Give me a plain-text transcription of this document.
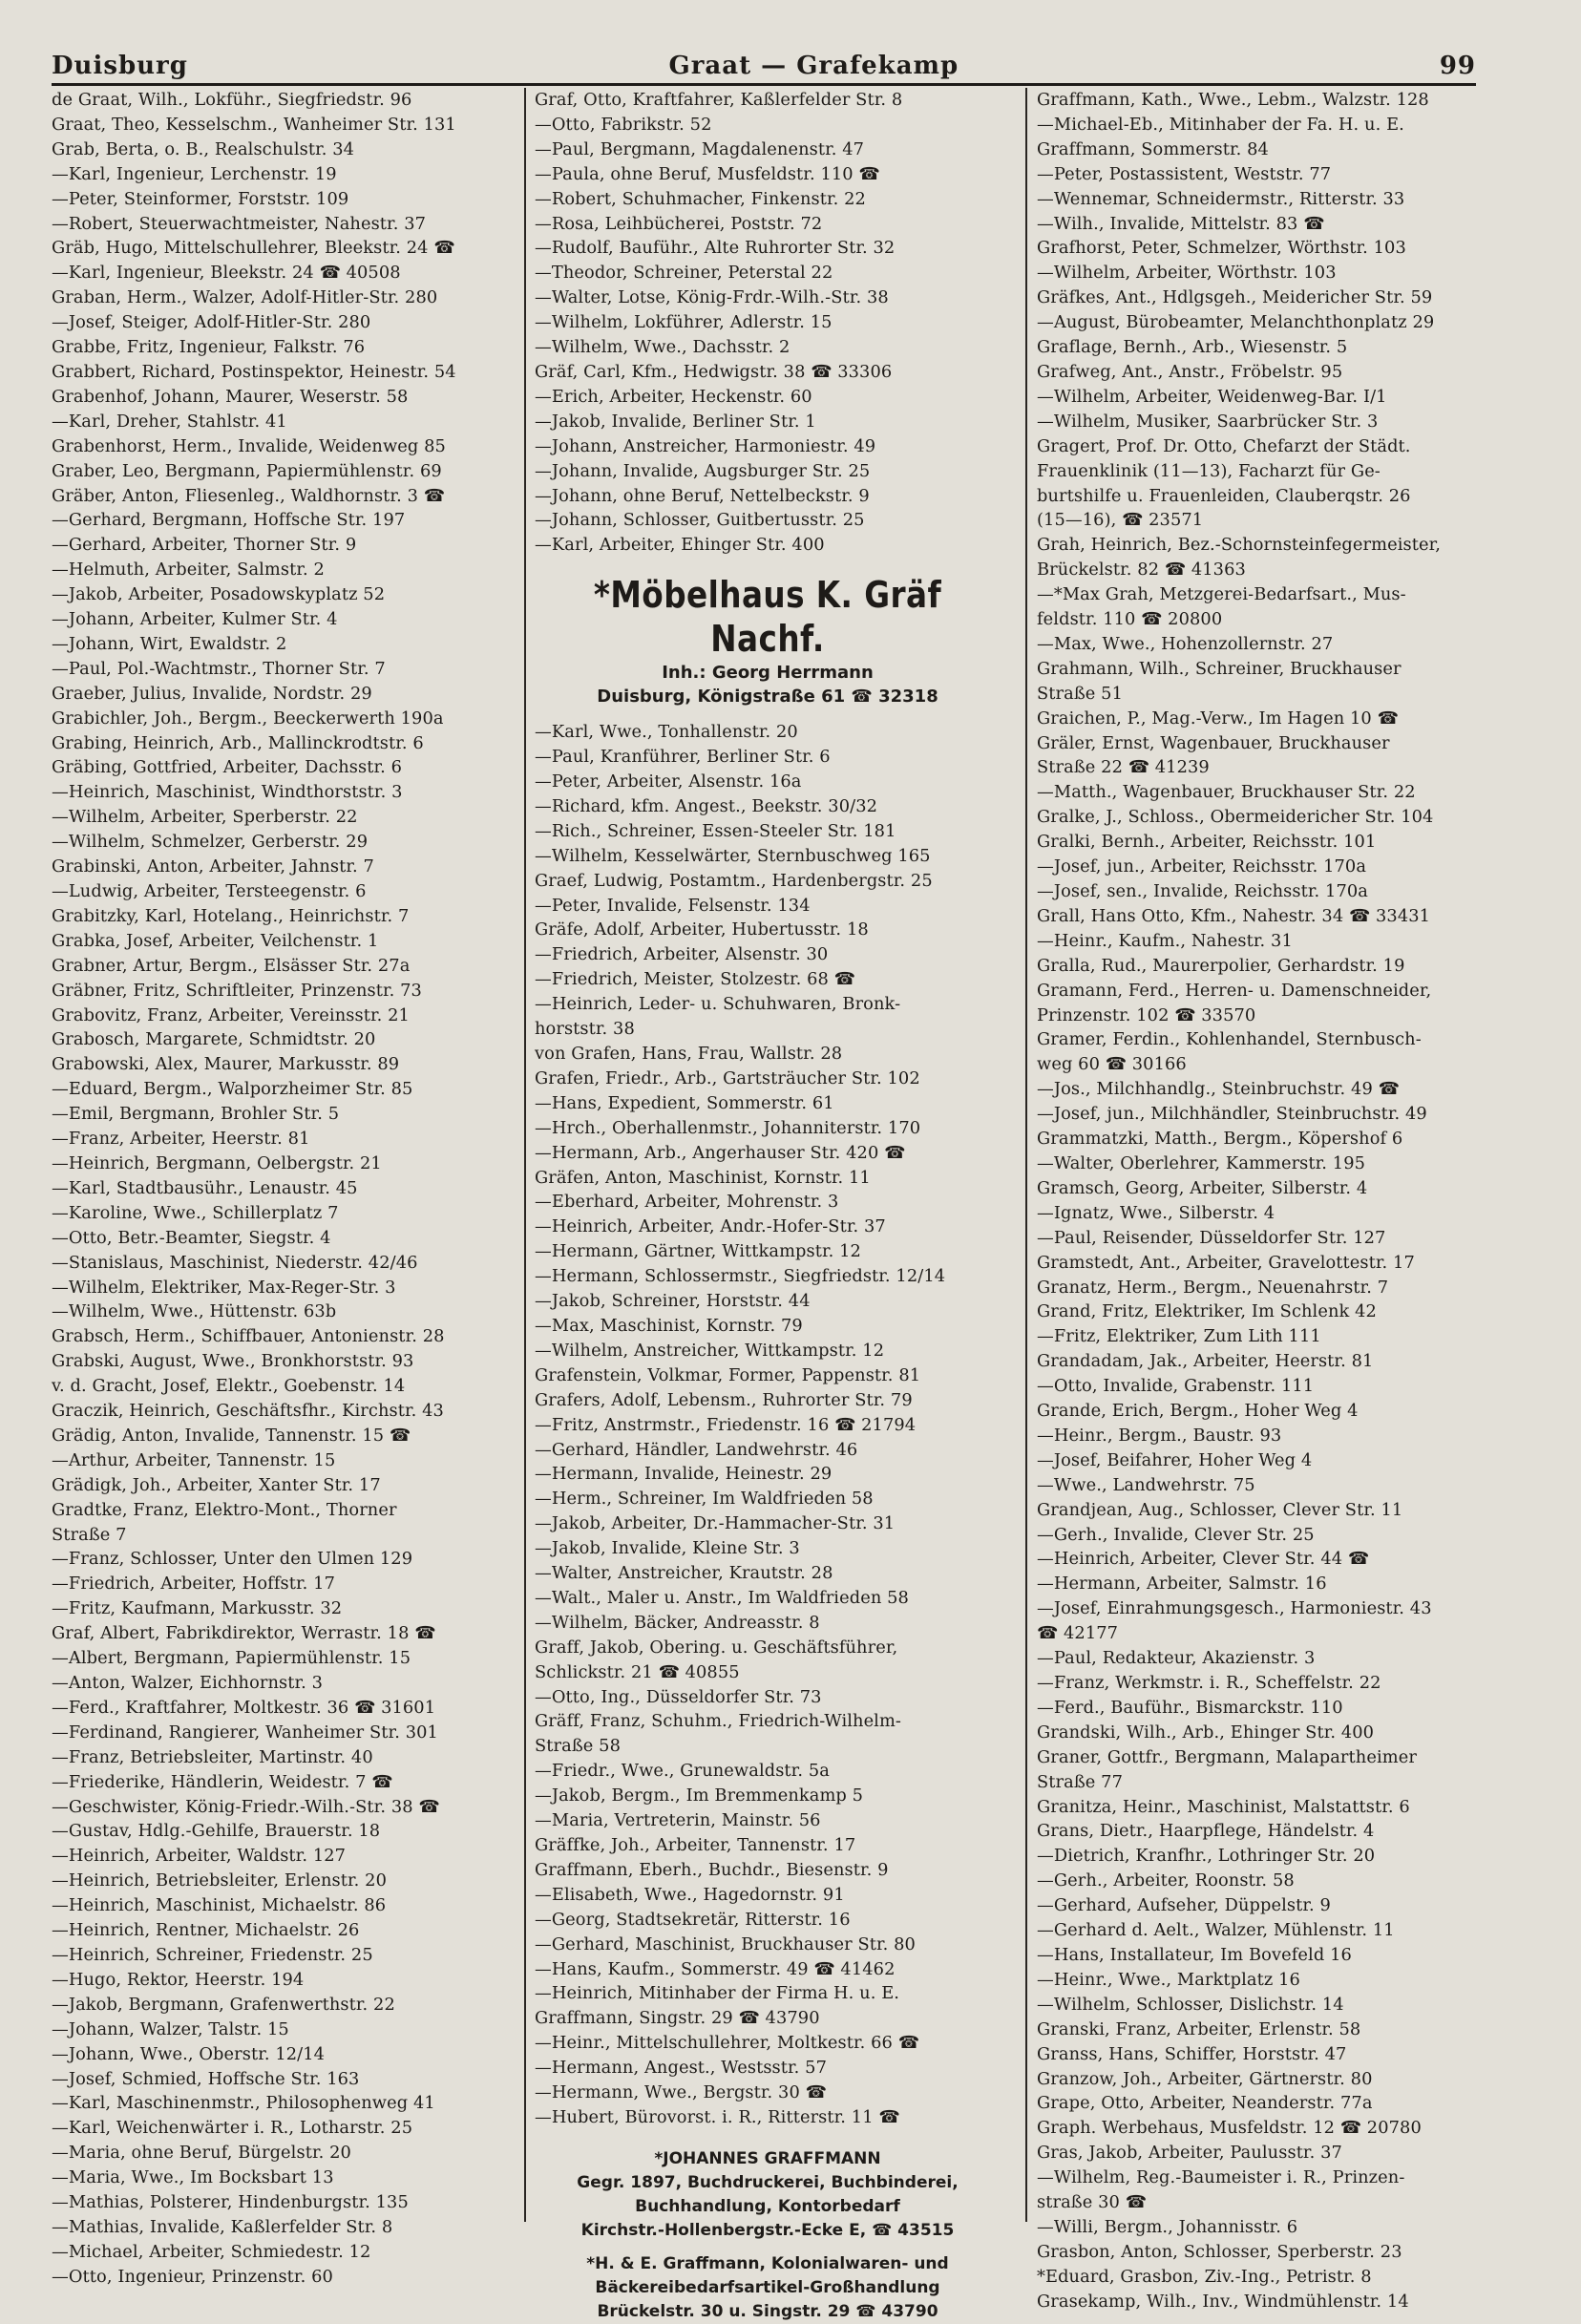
Duisburg	Graat — Grafekamp	99
de Graat, Wilh., Lokführ., Siegfriedstr. 96
Graat, Theo, Kesselschm., Wanheimer Str. 131
Grab, Berta, o. B., Realschulstr. 34
—Karl, Ingenieur, Lerchenstr. 19
—Peter, Steinformer, Forststr. 109
—Robert, Steuerwachtmeister, Nahestr. 37
Gräb, Hugo, Mittelschullehrer, Bleekstr. 24 ☎
—Karl, Ingenieur, Bleekstr. 24 ☎ 40508
Graban, Herm., Walzer, Adolf-Hitler-Str. 280
—Josef, Steiger, Adolf-Hitler-Str. 280
Grabbe, Fritz, Ingenieur, Falkstr. 76
Grabbert, Richard, Postinspektor, Heinestr. 54
Grabenhof, Johann, Maurer, Weserstr. 58
—Karl, Dreher, Stahlstr. 41
Grabenhorst, Herm., Invalide, Weidenweg 85
Graber, Leo, Bergmann, Papiermühlenstr. 69
Gräber, Anton, Fliesenleg., Waldhornstr. 3 ☎
—Gerhard, Bergmann, Hoffsche Str. 197
—Gerhard, Arbeiter, Thorner Str. 9
—Helmuth, Arbeiter, Salmstr. 2
—Jakob, Arbeiter, Posadowskyplatz 52
—Johann, Arbeiter, Kulmer Str. 4
—Johann, Wirt, Ewaldstr. 2
—Paul, Pol.-Wachtmstr., Thorner Str. 7
Graeber, Julius, Invalide, Nordstr. 29
Grabichler, Joh., Bergm., Beeckerwerth 190a
Grabing, Heinrich, Arb., Mallinckrodtstr. 6
Gräbing, Gottfried, Arbeiter, Dachsstr. 6
—Heinrich, Maschinist, Windthorststr. 3
—Wilhelm, Arbeiter, Sperberstr. 22
—Wilhelm, Schmelzer, Gerberstr. 29
Grabinski, Anton, Arbeiter, Jahnstr. 7
—Ludwig, Arbeiter, Tersteegenstr. 6
Grabitzky, Karl, Hotelang., Heinrichstr. 7
Grabka, Josef, Arbeiter, Veilchenstr. 1
Grabner, Artur, Bergm., Elsässer Str. 27a
Gräbner, Fritz, Schriftleiter, Prinzenstr. 73
Grabovitz, Franz, Arbeiter, Vereinsstr. 21
Grabosch, Margarete, Schmidtstr. 20
Grabowski, Alex, Maurer, Markusstr. 89
—Eduard, Bergm., Walporzheimer Str. 85
—Emil, Bergmann, Brohler Str. 5
—Franz, Arbeiter, Heerstr. 81
—Heinrich, Bergmann, Oelbergstr. 21
—Karl, Stadtbausühr., Lenaustr. 45
—Karoline, Wwe., Schillerplatz 7
—Otto, Betr.-Beamter, Siegstr. 4
—Stanislaus, Maschinist, Niederstr. 42/46
—Wilhelm, Elektriker, Max-Reger-Str. 3
—Wilhelm, Wwe., Hüttenstr. 63b
Grabsch, Herm., Schiffbauer, Antonienstr. 28
Grabski, August, Wwe., Bronkhorststr. 93
v. d. Gracht, Josef, Elektr., Goebenstr. 14
Graczik, Heinrich, Geschäftsfhr., Kirchstr. 43
Grädig, Anton, Invalide, Tannenstr. 15 ☎
—Arthur, Arbeiter, Tannenstr. 15
Grädigk, Joh., Arbeiter, Xanter Str. 17
Gradtke, Franz, Elektro-Mont., Thorner
Straße 7
—Franz, Schlosser, Unter den Ulmen 129
—Friedrich, Arbeiter, Hoffstr. 17
—Fritz, Kaufmann, Markusstr. 32
Graf, Albert, Fabrikdirektor, Werrastr. 18 ☎
—Albert, Bergmann, Papiermühlenstr. 15
—Anton, Walzer, Eichhornstr. 3
—Ferd., Kraftfahrer, Moltkestr. 36 ☎ 31601
—Ferdinand, Rangierer, Wanheimer Str. 301
—Franz, Betriebsleiter, Martinstr. 40
—Friederike, Händlerin, Weidestr. 7 ☎
—Geschwister, König-Friedr.-Wilh.-Str. 38 ☎
—Gustav, Hdlg.-Gehilfe, Brauerstr. 18
—Heinrich, Arbeiter, Waldstr. 127
—Heinrich, Betriebsleiter, Erlenstr. 20
—Heinrich, Maschinist, Michaelstr. 86
—Heinrich, Rentner, Michaelstr. 26
—Heinrich, Schreiner, Friedenstr. 25
—Hugo, Rektor, Heerstr. 194
—Jakob, Bergmann, Grafenwerthstr. 22
—Johann, Walzer, Talstr. 15
—Johann, Wwe., Oberstr. 12/14
—Josef, Schmied, Hoffsche Str. 163
—Karl, Maschinenmstr., Philosophenweg 41
—Karl, Weichenwärter i. R., Lotharstr. 25
—Maria, ohne Beruf, Bürgelstr. 20
—Maria, Wwe., Im Bocksbart 13
—Mathias, Polsterer, Hindenburgstr. 135
—Mathias, Invalide, Kaßlerfelder Str. 8
—Michael, Arbeiter, Schmiedestr. 12
—Otto, Ingenieur, Prinzenstr. 60
Graf, Otto, Kraftfahrer, Kaßlerfelder Str. 8
—Otto, Fabrikstr. 52
—Paul, Bergmann, Magdalenenstr. 47
—Paula, ohne Beruf, Musfeldstr. 110 ☎
—Robert, Schuhmacher, Finkenstr. 22
—Rosa, Leihbücherei, Poststr. 72
—Rudolf, Bauführ., Alte Ruhrorter Str. 32
—Theodor, Schreiner, Peterstal 22
—Walter, Lotse, König-Frdr.-Wilh.-Str. 38
—Wilhelm, Lokführer, Adlerstr. 15
—Wilhelm, Wwe., Dachsstr. 2
Gräf, Carl, Kfm., Hedwigstr. 38 ☎ 33306
—Erich, Arbeiter, Heckenstr. 60
—Jakob, Invalide, Berliner Str. 1
—Johann, Anstreicher, Harmoniestr. 49
—Johann, Invalide, Augsburger Str. 25
—Johann, ohne Beruf, Nettelbeckstr. 9
—Johann, Schlosser, Guitbertusstr. 25
—Karl, Arbeiter, Ehinger Str. 400
*Möbelhaus K. Gräf Nachf.
Inh.: Georg Herrmann
Duisburg, Königstraße 61 ☎ 32318
—Karl, Wwe., Tonhallenstr. 20
—Paul, Kranführer, Berliner Str. 6
—Peter, Arbeiter, Alsenstr. 16a
—Richard, kfm. Angest., Beekstr. 30/32
—Rich., Schreiner, Essen-Steeler Str. 181
—Wilhelm, Kesselwärter, Sternbuschweg 165
Graef, Ludwig, Postamtm., Hardenbergstr. 25
—Peter, Invalide, Felsenstr. 134
Gräfe, Adolf, Arbeiter, Hubertusstr. 18
—Friedrich, Arbeiter, Alsenstr. 30
—Friedrich, Meister, Stolzestr. 68 ☎
—Heinrich, Leder- u. Schuhwaren, Bronk-
horststr. 38
von Grafen, Hans, Frau, Wallstr. 28
Grafen, Friedr., Arb., Gartsträucher Str. 102
—Hans, Expedient, Sommerstr. 61
—Hrch., Oberhallenmstr., Johanniterstr. 170
—Hermann, Arb., Angerhauser Str. 420 ☎
Gräfen, Anton, Maschinist, Kornstr. 11
—Eberhard, Arbeiter, Mohrenstr. 3
—Heinrich, Arbeiter, Andr.-Hofer-Str. 37
—Hermann, Gärtner, Wittkampstr. 12
—Hermann, Schlossermstr., Siegfriedstr. 12/14
—Jakob, Schreiner, Horststr. 44
—Max, Maschinist, Kornstr. 79
—Wilhelm, Anstreicher, Wittkampstr. 12
Grafenstein, Volkmar, Former, Pappenstr. 81
Grafers, Adolf, Lebensm., Ruhrorter Str. 79
—Fritz, Anstrmstr., Friedenstr. 16 ☎ 21794
—Gerhard, Händler, Landwehrstr. 46
—Hermann, Invalide, Heinestr. 29
—Herm., Schreiner, Im Waldfrieden 58
—Jakob, Arbeiter, Dr.-Hammacher-Str. 31
—Jakob, Invalide, Kleine Str. 3
—Walter, Anstreicher, Krautstr. 28
—Walt., Maler u. Anstr., Im Waldfrieden 58
—Wilhelm, Bäcker, Andreasstr. 8
Graff, Jakob, Obering. u. Geschäftsführer,
Schlickstr. 21 ☎ 40855
—Otto, Ing., Düsseldorfer Str. 73
Gräff, Franz, Schuhm., Friedrich-Wilhelm-
Straße 58
—Friedr., Wwe., Grunewaldstr. 5a
—Jakob, Bergm., Im Bremmenkamp 5
—Maria, Vertreterin, Mainstr. 56
Gräffke, Joh., Arbeiter, Tannenstr. 17
Graffmann, Eberh., Buchdr., Biesenstr. 9
—Elisabeth, Wwe., Hagedornstr. 91
—Georg, Stadtsekretär, Ritterstr. 16
—Gerhard, Maschinist, Bruckhauser Str. 80
—Hans, Kaufm., Sommerstr. 49 ☎ 41462
—Heinrich, Mitinhaber der Firma H. u. E.
Graffmann, Singstr. 29 ☎ 43790
—Heinr., Mittelschullehrer, Moltkestr. 66 ☎
—Hermann, Angest., Westsstr. 57
—Hermann, Wwe., Bergstr. 30 ☎
—Hubert, Bürovorst. i. R., Ritterstr. 11 ☎
*JOHANNES GRAFFMANN
Gegr. 1897, Buchdruckerei, Buchbinderei,
Buchhandlung, Kontorbedarf
Kirchstr.-Hollenbergstr.-Ecke E, ☎ 43515
*H. & E. Graffmann, Kolonialwaren- und
Bäckereibedarfsartikel-Großhandlung
Brückelstr. 30 u. Singstr. 29 ☎ 43790
Graffmann, Kath., Wwe., Lebm., Walzstr. 128
—Michael-Eb., Mitinhaber der Fa. H. u. E.
Graffmann, Sommerstr. 84
—Peter, Postassistent, Weststr. 77
—Wennemar, Schneidermstr., Ritterstr. 33
—Wilh., Invalide, Mittelstr. 83 ☎
Grafhorst, Peter, Schmelzer, Wörthstr. 103
—Wilhelm, Arbeiter, Wörthstr. 103
Gräfkes, Ant., Hdlgsgeh., Meidericher Str. 59
—August, Bürobeamter, Melanchthonplatz 29
Graflage, Bernh., Arb., Wiesenstr. 5
Grafweg, Ant., Anstr., Fröbelstr. 95
—Wilhelm, Arbeiter, Weidenweg-Bar. I/1
—Wilhelm, Musiker, Saarbrücker Str. 3
Gragert, Prof. Dr. Otto, Chefarzt der Städt.
Frauenklinik (11—13), Facharzt für Ge-
burtshilfe u. Frauenleiden, Clauberqstr. 26
(15—16), ☎ 23571
Grah, Heinrich, Bez.-Schornsteinfegermeister,
Brückelstr. 82 ☎ 41363
—*Max Grah, Metzgerei-Bedarfsart., Mus-
feldstr. 110 ☎ 20800
—Max, Wwe., Hohenzollernstr. 27
Grahmann, Wilh., Schreiner, Bruckhauser
Straße 51
Graichen, P., Mag.-Verw., Im Hagen 10 ☎
Gräler, Ernst, Wagenbauer, Bruckhauser
Straße 22 ☎ 41239
—Matth., Wagenbauer, Bruckhauser Str. 22
Gralke, J., Schloss., Obermeidericher Str. 104
Gralki, Bernh., Arbeiter, Reichsstr. 101
—Josef, jun., Arbeiter, Reichsstr. 170a
—Josef, sen., Invalide, Reichsstr. 170a
Grall, Hans Otto, Kfm., Nahestr. 34 ☎ 33431
—Heinr., Kaufm., Nahestr. 31
Gralla, Rud., Maurerpolier, Gerhardstr. 19
Gramann, Ferd., Herren- u. Damenschneider,
Prinzenstr. 102 ☎ 33570
Gramer, Ferdin., Kohlenhandel, Sternbusch-
weg 60 ☎ 30166
—Jos., Milchhandlg., Steinbruchstr. 49 ☎
—Josef, jun., Milchhändler, Steinbruchstr. 49
Grammatzki, Matth., Bergm., Köpershof 6
—Walter, Oberlehrer, Kammerstr. 195
Gramsch, Georg, Arbeiter, Silberstr. 4
—Ignatz, Wwe., Silberstr. 4
—Paul, Reisender, Düsseldorfer Str. 127
Gramstedt, Ant., Arbeiter, Gravelottestr. 17
Granatz, Herm., Bergm., Neuenahrstr. 7
Grand, Fritz, Elektriker, Im Schlenk 42
—Fritz, Elektriker, Zum Lith 111
Grandadam, Jak., Arbeiter, Heerstr. 81
—Otto, Invalide, Grabenstr. 111
Grande, Erich, Bergm., Hoher Weg 4
—Heinr., Bergm., Baustr. 93
—Josef, Beifahrer, Hoher Weg 4
—Wwe., Landwehrstr. 75
Grandjean, Aug., Schlosser, Clever Str. 11
—Gerh., Invalide, Clever Str. 25
—Heinrich, Arbeiter, Clever Str. 44 ☎
—Hermann, Arbeiter, Salmstr. 16
—Josef, Einrahmungsgesch., Harmoniestr. 43
☎ 42177
—Paul, Redakteur, Akazienstr. 3
—Franz, Werkmstr. i. R., Scheffelstr. 22
—Ferd., Bauführ., Bismarckstr. 110
Grandski, Wilh., Arb., Ehinger Str. 400
Graner, Gottfr., Bergmann, Malapartheimer
Straße 77
Granitza, Heinr., Maschinist, Malstattstr. 6
Grans, Dietr., Haarpflege, Händelstr. 4
—Dietrich, Kranfhr., Lothringer Str. 20
—Gerh., Arbeiter, Roonstr. 58
—Gerhard, Aufseher, Düppelstr. 9
—Gerhard d. Aelt., Walzer, Mühlenstr. 11
—Hans, Installateur, Im Bovefeld 16
—Heinr., Wwe., Marktplatz 16
—Wilhelm, Schlosser, Dislichstr. 14
Granski, Franz, Arbeiter, Erlenstr. 58
Granss, Hans, Schiffer, Horststr. 47
Granzow, Joh., Arbeiter, Gärtnerstr. 80
Grape, Otto, Arbeiter, Neanderstr. 77a
Graph. Werbehaus, Musfeldstr. 12 ☎ 20780
Gras, Jakob, Arbeiter, Paulusstr. 37
—Wilhelm, Reg.-Baumeister i. R., Prinzen-
straße 30 ☎
—Willi, Bergm., Johannisstr. 6
Grasbon, Anton, Schlosser, Sperberstr. 23
*Eduard, Grasbon, Ziv.-Ing., Petristr. 8
Grasekamp, Wilh., Inv., Windmühlenstr. 14
